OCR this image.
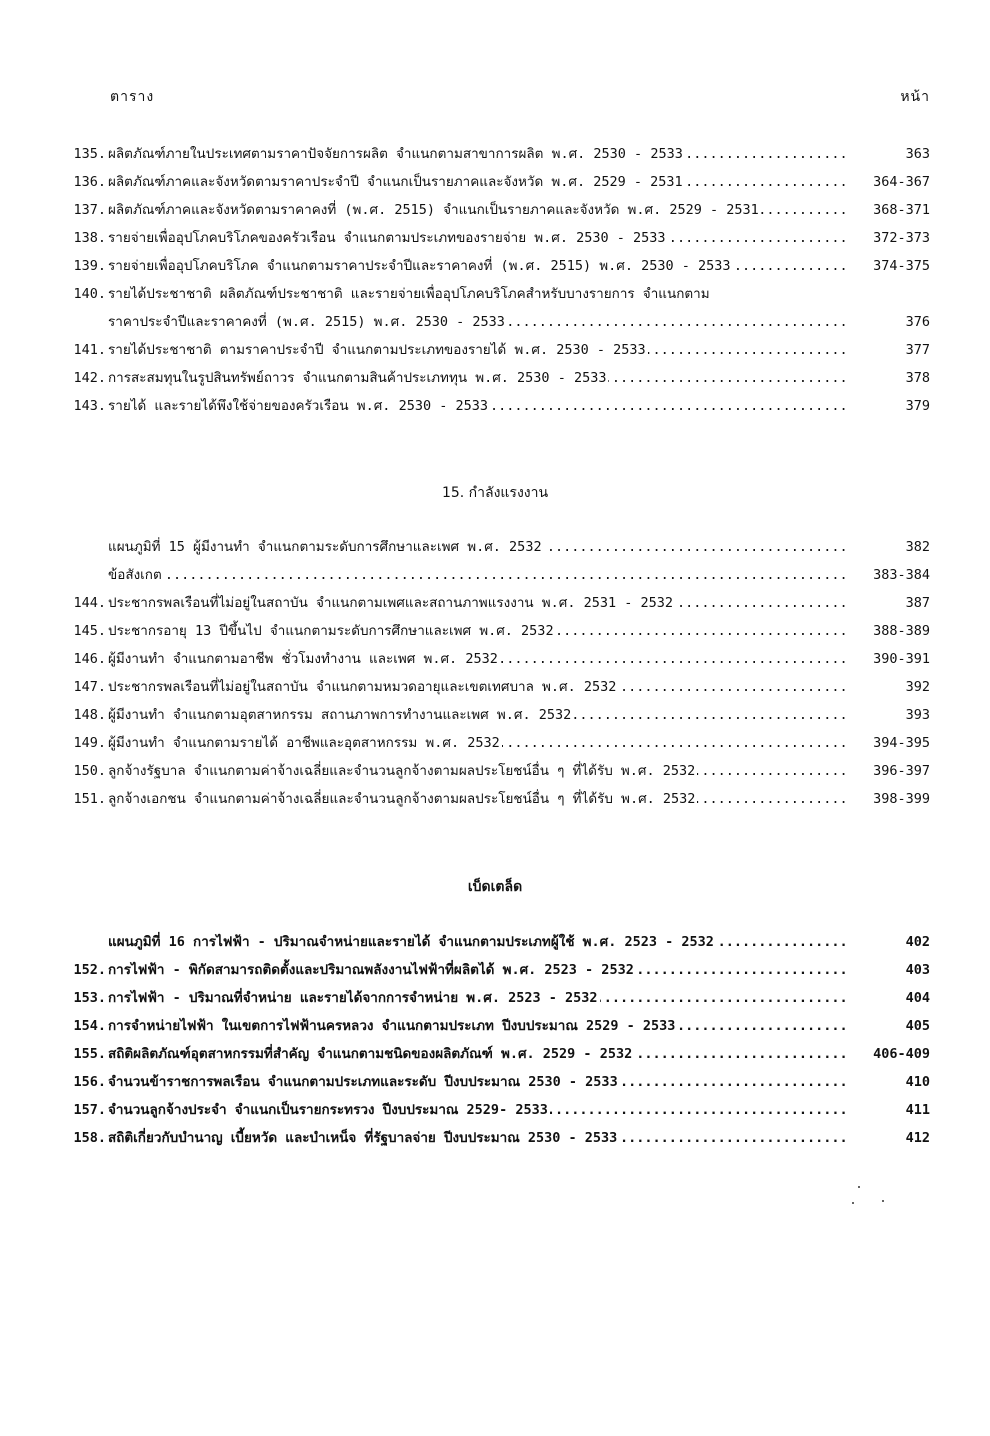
ตาราง	หน้า
135. ผลิตภัณฑ์ภายในประเทศตามราคาปัจจัยการผลิต จำแนกตามสาขาการผลิต พ.ศ. 2530 - 2533 .....	363
136. ผลิตภัณฑ์ภาคและจังหวัดตามราคาประจำปี จำแนกเป็นรายภาคและจังหวัด พ.ศ. 2529 - 2531 .....	364-367
137. ผลิตภัณฑ์ภาคและจังหวัดตามราคาคงที่ (พ.ศ. 2515) จำแนกเป็นรายภาคและจังหวัด พ.ศ. 2529 - 2531 .....	368-371
138. รายจ่ายเพื่ออุปโภคบริโภคของครัวเรือน จำแนกตามประเภทของรายจ่าย พ.ศ. 2530 - 2533 .....	372-373
139. รายจ่ายเพื่ออุปโภคบริโภค จำแนกตามราคาประจำปีและราคาคงที่ (พ.ศ. 2515) พ.ศ. 2530 - 2533 .....	374-375
140. รายได้ประชาชาติ ผลิตภัณฑ์ประชาชาติ และรายจ่ายเพื่ออุปโภคบริโภคสำหรับบางรายการ จำแนกตาม
ราคาประจำปีและราคาคงที่ (พ.ศ. 2515) พ.ศ. 2530 - 2533 .....	376
141. รายได้ประชาชาติ ตามราคาประจำปี จำแนกตามประเภทของรายได้ พ.ศ. 2530 - 2533 .....	377
142. การสะสมทุนในรูปสินทรัพย์ถาวร จำแนกตามสินค้าประเภททุน พ.ศ. 2530 - 2533 .....	378
143. รายได้ และรายได้พึงใช้จ่ายของครัวเรือน พ.ศ. 2530 - 2533 .....	379
15. กำลังแรงงาน
แผนภูมิที่ 15 ผู้มีงานทำ จำแนกตามระดับการศึกษาและเพศ พ.ศ. 2532 .....	382
ข้อสังเกต .....	383-384
144. ประชากรพลเรือนที่ไม่อยู่ในสถาบัน จำแนกตามเพศและสถานภาพแรงงาน พ.ศ. 2531 - 2532 .....	387
145. ประชากรอายุ 13 ปีขึ้นไป จำแนกตามระดับการศึกษาและเพศ พ.ศ. 2532 .....	388-389
146. ผู้มีงานทำ จำแนกตามอาชีพ ชั่วโมงทำงาน และเพศ พ.ศ. 2532 .....	390-391
147. ประชากรพลเรือนที่ไม่อยู่ในสถาบัน จำแนกตามหมวดอายุและเขตเทศบาล พ.ศ. 2532 .....	392
148. ผู้มีงานทำ จำแนกตามอุตสาหกรรม สถานภาพการทำงานและเพศ พ.ศ. 2532 .....	393
149. ผู้มีงานทำ จำแนกตามรายได้ อาชีพและอุตสาหกรรม พ.ศ. 2532 .....	394-395
150. ลูกจ้างรัฐบาล จำแนกตามค่าจ้างเฉลี่ยและจำนวนลูกจ้างตามผลประโยชน์อื่น ๆ ที่ได้รับ พ.ศ. 2532 .....	396-397
151. ลูกจ้างเอกชน จำแนกตามค่าจ้างเฉลี่ยและจำนวนลูกจ้างตามผลประโยชน์อื่น ๆ ที่ได้รับ พ.ศ. 2532 .....	398-399
เบ็ดเตล็ด
แผนภูมิที่ 16 การไฟฟ้า - ปริมาณจำหน่ายและรายได้ จำแนกตามประเภทผู้ใช้ พ.ศ. 2523 - 2532 .....	402
152. การไฟฟ้า - พิกัดสามารถติดตั้งและปริมาณพลังงานไฟฟ้าที่ผลิตได้ พ.ศ. 2523 - 2532 .....	403
153. การไฟฟ้า - ปริมาณที่จำหน่าย และรายได้จากการจำหน่าย พ.ศ. 2523 - 2532 .....	404
154. การจำหน่ายไฟฟ้า ในเขตการไฟฟ้านครหลวง จำแนกตามประเภท ปีงบประมาณ 2529 - 2533 .....	405
155. สถิติผลิตภัณฑ์อุตสาหกรรมที่สำคัญ จำแนกตามชนิดของผลิตภัณฑ์ พ.ศ. 2529 - 2532 .....	406-409
156. จำนวนข้าราชการพลเรือน จำแนกตามประเภทและระดับ ปีงบประมาณ 2530 - 2533 .....	410
157. จำนวนลูกจ้างประจำ จำแนกเป็นรายกระทรวง ปีงบประมาณ 2529- 2533 .....	411
158. สถิติเกี่ยวกับบำนาญ เบี้ยหวัด และบำเหน็จ ที่รัฐบาลจ่าย ปีงบประมาณ 2530 - 2533 .....	412
